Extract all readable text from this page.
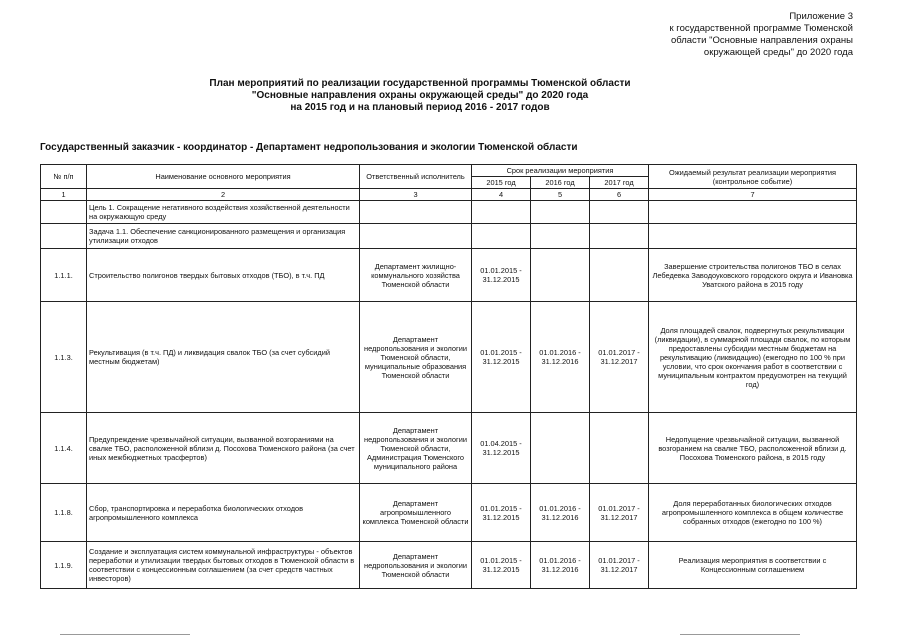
Приложение 3
к государственной программе Тюменской
области "Основные направления охраны
окружающей среды" до 2020 года
План мероприятий по реализации государственной программы Тюменской области
"Основные направления охраны окружающей среды" до 2020 года
на 2015 год и на плановый период 2016 - 2017 годов
Государственный заказчик - координатор - Департамент недропользования и экологии Тюменской области
№ п/п	Наименование основного мероприятия	Ответственный исполнитель	Срок реализации мероприятия			Ожидаемый результат реализации мероприятия (контрольное событие)
			2015 год	2016 год	2017 год	
1	2	3	4	5	6	7
	Цель 1. Сокращение негативного воздействия хозяйственной деятельности на окружающую среду					
	Задача 1.1. Обеспечение санкционированного размещения и организация утилизации отходов					
1.1.1.	Строительство полигонов твердых бытовых отходов (ТБО), в т.ч. ПД	Департамент жилищно-коммунального хозяйства Тюменской области	01.01.2015 - 31.12.2015			Завершение строительства полигонов ТБО в селах Лебедевка Заводоуковского городского округа и Ивановка Уватского района в 2015 году
1.1.3.	Рекультивация (в т.ч. ПД) и ликвидация свалок ТБО (за счет субсидий местным бюджетам)	Департамент недропользования и экологии Тюменской области, муниципальные образования Тюменской области	01.01.2015 - 31.12.2015	01.01.2016 - 31.12.2016	01.01.2017 - 31.12.2017	Доля площадей свалок, подвергнутых рекультивации (ликвидации), в суммарной площади свалок, по которым предоставлены субсидии местным бюджетам на рекультивацию (ликвидацию) (ежегодно по 100 % при условии, что срок окончания работ в соответствии с муниципальным контрактом предусмотрен на текущий год)
1.1.4.	Предупреждение чрезвычайной ситуации, вызванной возгораниями на свалке ТБО, расположенной вблизи д. Посохова Тюменского района (за счет иных межбюджетных трасфертов)	Департамент недропользования и экологии Тюменской области, Администрация Тюменского муниципального района	01.04.2015 - 31.12.2015			Недопущение чрезвычайной ситуации, вызванной возгоранием на свалке ТБО, расположенной вблизи д. Посохова Тюменского района, в 2015 году
1.1.8.	Сбор, транспортировка и переработка биологических отходов агропромышленного комплекса	Департамент агропромышленного комплекса Тюменской области	01.01.2015 - 31.12.2015	01.01.2016 - 31.12.2016	01.01.2017 - 31.12.2017	Доля переработанных биологических отходов агропромышленного комплекса в общем количестве собранных отходов (ежегодно по 100 %)
1.1.9.	Создание и эксплуатация систем коммунальной инфраструктуры - объектов переработки и утилизации твердых бытовых отходов в Тюменской области в соответствии с концессионным соглашением (за счет средств частных инвесторов)	Департамент недропользования и экологии Тюменской области	01.01.2015 - 31.12.2015	01.01.2016 - 31.12.2016	01.01.2017 - 31.12.2017	Реализация мероприятия в соответствии с Концессионным соглашением
